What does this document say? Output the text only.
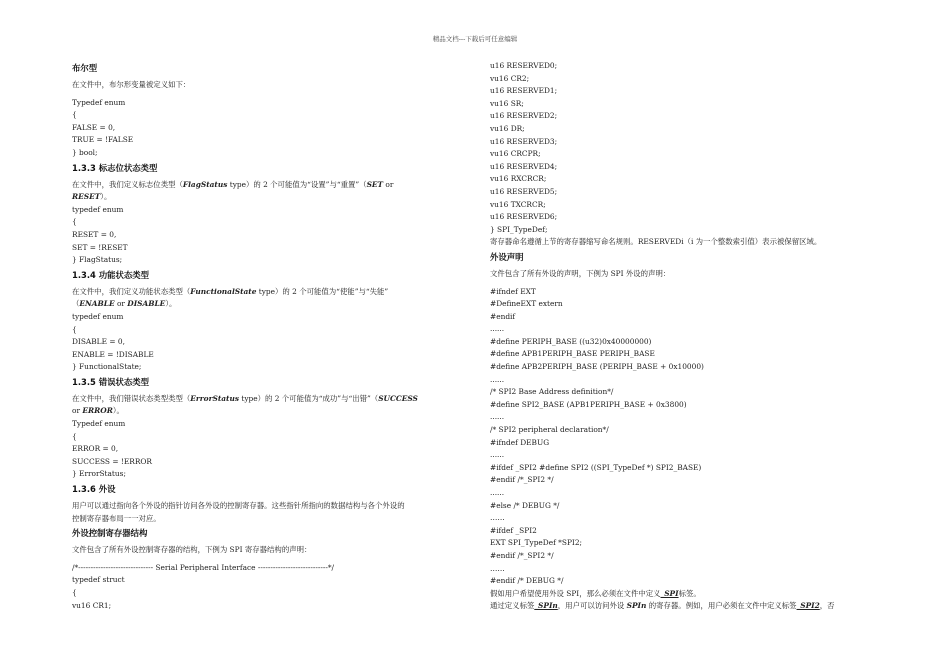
精品文档---下载后可任意编辑
布尔型
在文件中，布尔形变量被定义如下：
Typedef enum
{
FALSE = 0,
TRUE = !FALSE
} bool;
1.3.3 标志位状态类型
在文件中，我们定义标志位类型（FlagStatus type）的 2 个可能值为“设置”与“重置”（SET or
RESET）。
typedef enum
{
RESET = 0,
SET = !RESET
} FlagStatus;
1.3.4 功能状态类型
在文件中，我们定义功能状态类型（FunctionalState type）的 2 个可能值为“使能”与“失能”
（ENABLE or DISABLE）。
typedef enum
{
DISABLE = 0,
ENABLE = !DISABLE
} FunctionalState;
1.3.5 错误状态类型
在文件中，我们错误状态类型类型（ErrorStatus type）的 2 个可能值为“成功”与“出错”（SUCCESS
or ERROR）。
Typedef enum
{
ERROR = 0,
SUCCESS = !ERROR
} ErrorStatus;
1.3.6 外设
用户可以通过指向各个外设的指针访问各外设的控制寄存器。这些指针所指向的数据结构与各个外设的
控制寄存器布局一一对应。
外设控制寄存器结构
文件包含了所有外设控制寄存器的结构，下例为 SPI 寄存器结构的声明：
/*------------------------------ Serial Peripheral Interface ----------------------------*/
typedef struct
{
vu16 CR1;
u16 RESERVED0;
vu16 CR2;
u16 RESERVED1;
vu16 SR;
u16 RESERVED2;
vu16 DR;
u16 RESERVED3;
vu16 CRCPR;
u16 RESERVED4;
vu16 RXCRCR;
u16 RESERVED5;
vu16 TXCRCR;
u16 RESERVED6;
} SPI_TypeDef;
寄存器命名遵循上节的寄存器缩写命名规则。RESERVEDi（i 为一个整数索引值）表示被保留区域。
外设声明
文件包含了所有外设的声明，下例为 SPI 外设的声明：
#ifndef EXT
#DefineEXT extern
#endif
......
#define PERIPH_BASE ((u32)0x40000000)
#define APB1PERIPH_BASE PERIPH_BASE
#define APB2PERIPH_BASE (PERIPH_BASE + 0x10000)
......
/* SPI2 Base Address definition*/
#define SPI2_BASE (APB1PERIPH_BASE + 0x3800)
......
/* SPI2 peripheral declaration*/
#ifndef DEBUG
......
#ifdef _SPI2 #define SPI2 ((SPI_TypeDef *) SPI2_BASE)
#endif /*_SPI2 */
......
#else /* DEBUG */
……
#ifdef _SPI2
EXT SPI_TypeDef *SPI2;
#endif /*_SPI2 */
……
#endif /* DEBUG */
假如用户希望使用外设 SPI，那么必须在文件中定义_SPI标签。
通过定义标签_SPIn，用户可以访问外设 SPIn 的寄存器。例如，用户必须在文件中定义标签_SPI2，否
